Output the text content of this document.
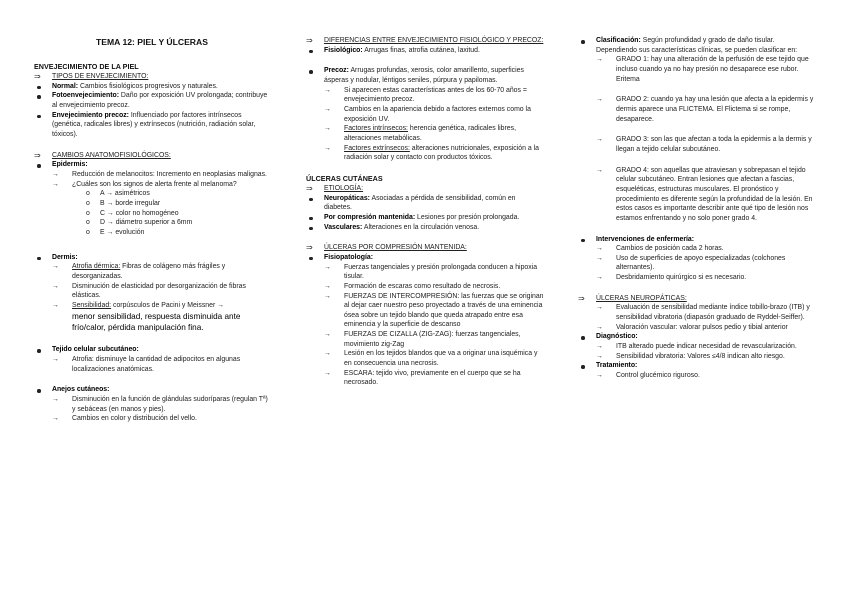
TEMA 12: PIEL Y ÚLCERAS
ENVEJECIMIENTO DE LA PIEL
⇒ TIPOS DE ENVEJECIMIENTO:
Normal: Cambios fisiológicos progresivos y naturales.
Fotoenvejecimiento: Daño por exposición UV prolongada; contribuye al envejecimiento precoz.
Envejecimiento precoz: Influenciado por factores intrínsecos (genética, radicales libres) y extrínsecos (nutrición, radiación solar, tóxicos).
⇒ CAMBIOS ANATOMOFISIOLÓGICOS:
Epidermis:
→ Reducción de melanocitos: Incremento en neoplasias malignas.
→ ¿Cuáles son los signos de alerta frente al melanoma?
o A → asimétricos
o B → borde irregular
o C → color no homogéneo
o D → diámetro superior a 6mm
o E → evolución
Dermis:
→ Atrofia dérmica: Fibras de colágeno más frágiles y desorganizadas.
→ Disminución de elasticidad por desorganización de fibras elásticas.
→ Sensibilidad: corpúsculos de Pacini y Meissner →
menor sensibilidad, respuesta disminuida ante frío/calor, pérdida manipulación fina.
Tejido celular subcutáneo:
→ Atrofia: disminuye la cantidad de adipocitos en algunas localizaciones anatómicas.
Anejos cutáneos:
→ Disminución en la función de glándulas sudoríparas (regulan Tª) y sebáceas (en manos y pies).
→ Cambios en color y distribución del vello.
⇒ DIFERENCIAS ENTRE ENVEJECIMIENTO FISIOLÓGICO Y PRECOZ:
Fisiológico: Arrugas finas, atrofia cutánea, laxitud.
Precoz: Arrugas profundas, xerosis, color amarillento, superficies ásperas y nodular, léntigos seniles, púrpura y papilomas.
→ Si aparecen estas características antes de los 60-70 años = envejecimiento precoz.
→ Cambios en la apariencia debido a factores externos como la exposición UV.
→ Factores intrínsecos: herencia genética, radicales libres, alteraciones metabólicas.
→ Factores extrínsecos: alteraciones nutricionales, exposición a la radiación solar y contacto con productos tóxicos.
ÚLCERAS CUTÁNEAS
⇒ ETIOLOGÍA:
Neuropáticas: Asociadas a pérdida de sensibilidad, común en diabetes.
Por compresión mantenida: Lesiones por presión prolongada.
Vasculares: Alteraciones en la circulación venosa.
⇒ ÚLCERAS POR COMPRESIÓN MANTENIDA:
Fisiopatología:
→ Fuerzas tangenciales y presión prolongada conducen a hipoxia tisular.
→ Formación de escaras como resultado de necrosis.
→ FUERZAS DE INTERCOMPRESIÓN: las fuerzas que se originan al dejar caer nuestro peso proyectado a través de una eminencia ósea sobre un tejido blando que queda atrapado entre esa eminencia y la superficie de descanso
→ FUERZAS DE CIZALLA (ZIG-ZAG): fuerzas tangenciales, movimiento zig-Zag
→ Lesión en los tejidos blandos que va a originar una isquémica y en consecuencia una necrosis.
→ ESCARA: tejido vivo, previamente en el cuerpo que se ha necrosado.
Clasificación: Según profundidad y grado de daño tisular.
Dependiendo sus características clínicas, se pueden clasificar en:
→ GRADO 1: hay una alteración de la perfusión de ese tejido que incluso cuando ya no hay presión no desaparece ese rubor. Eritema
→ GRADO 2: cuando ya hay una lesión que afecta a la epidermis y dermis aparece una FLICTEMA. El Flictema si se rompe, desaparece.
→ GRADO 3: son las que afectan a toda la epidermis a la dermis y llegan a tejido celular subcutáneo.
→ GRADO 4: son aquellas que atraviesan y sobrepasan el tejido celular subcutáneo. Entran lesiones que afectan a fascias, esqueléticas, estructuras musculares. El pronóstico y procedimiento es diferente según la profundidad de la lesión. En estos casos es importante describir ante qué tipo de lesión nos estamos enfrentando y no solo poner grado 4.
Intervenciones de enfermería:
→ Cambios de posición cada 2 horas.
→ Uso de superficies de apoyo especializadas (colchones alternantes).
→ Desbridamiento quirúrgico si es necesario.
⇒ ÚLCERAS NEUROPÁTICAS:
→ Evaluación de sensibilidad mediante índice tobillo-brazo (ITB) y sensibilidad vibratoria (diapasón graduado de Ryddel-Seiffer).
→ Valoración vascular: valorar pulsos pedio y tibial anterior
Diagnóstico:
→ ITB alterado puede indicar necesidad de revascularización.
→ Sensibilidad vibratoria: Valores ≤4/8 indican alto riesgo.
Tratamiento:
→ Control glucémico riguroso.
